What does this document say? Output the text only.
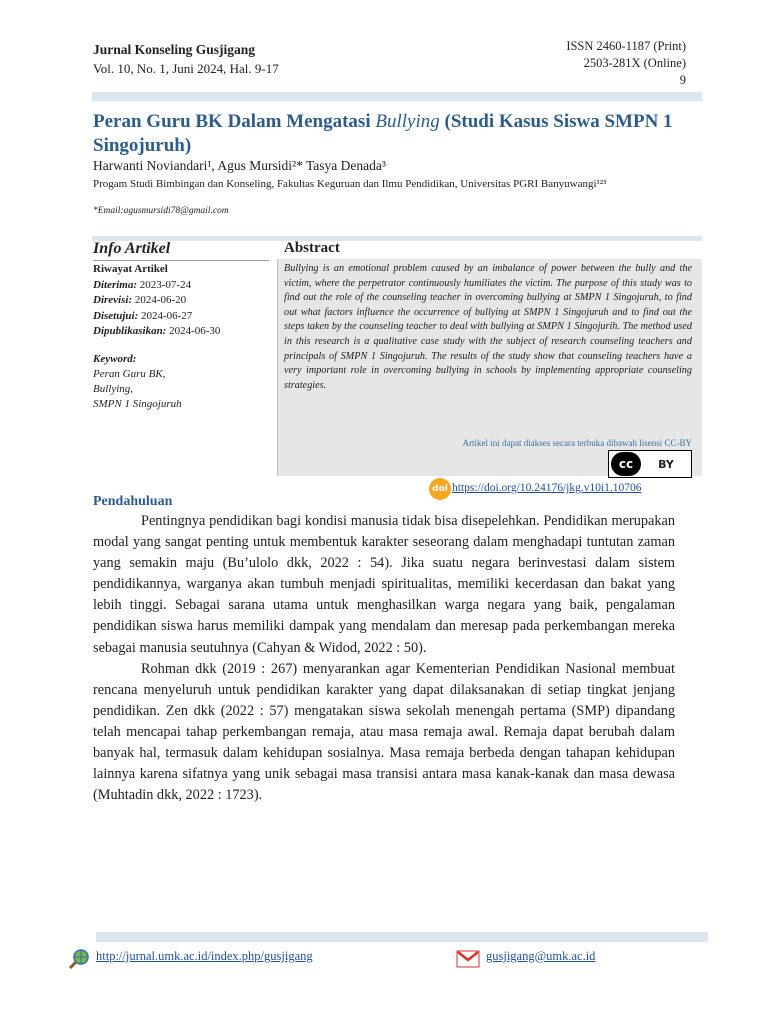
Jurnal Konseling Gusjigang
Vol. 10, No. 1, Juni 2024, Hal. 9-17
ISSN 2460-1187 (Print)
2503-281X (Online)
9
Peran Guru BK Dalam Mengatasi Bullying (Studi Kasus Siswa SMPN 1 Singojuruh)
Harwanti Noviandari¹, Agus Mursidi²* Tasya Denada³
Progam Studi Bimbingan dan Konseling, Fakultas Keguruan dan Ilmu Pendidikan, Universitas PGRI Banyuwangi¹²³
*Email:agusmursidi78@gmail.com
Info Artikel
Riwayat Artikel
Diterima: 2023-07-24
Direvisi: 2024-06-20
Disetujui: 2024-06-27
Dipublikasikan: 2024-06-30
Keyword:
Peran Guru BK,
Bullying,
SMPN 1 Singojuruh
Abstract
Bullying is an emotional problem caused by an imbalance of power between the bully and the victim, where the perpetrator continuously humiliates the victim. The purpose of this study was to find out the role of the counseling teacher in overcoming bullying at SMPN 1 Singojuruh, to find out what factors influence the occurrence of bullying at SMPN 1 Singojuruh and to find out the steps taken by the counseling teacher to deal with bullying at SMPN 1 Singojurih. The method used in this research is a qualitative case study with the subject of research counseling teachers and principals of SMPN 1 Singojuruh. The results of the study show that counseling teachers have a very important role in overcoming bullying in schools by implementing appropriate counseling strategies.
Artikel ini dapat diakses secara terbuka dibawah lisensi CC-BY
cc	BY
doi https://doi.org/10.24176/jkg.v10i1.10706
Pendahuluan

Pentingnya pendidikan bagi kondisi manusia tidak bisa disepelehkan. Pendidikan merupakan modal yang sangat penting untuk membentuk karakter seseorang dalam menghadapi tuntutan zaman yang semakin maju (Bu’ulolo dkk, 2022 : 54). Jika suatu negara berinvestasi dalam sistem pendidikannya, warganya akan tumbuh menjadi spiritualitas, memiliki kecerdasan dan bakat yang lebih tinggi. Sebagai sarana utama untuk menghasilkan warga negara yang baik, pengalaman pendidikan siswa harus memiliki dampak yang mendalam dan meresap pada perkembangan mereka sebagai manusia seutuhnya (Cahyan & Widod, 2022 : 50).

Rohman dkk (2019 : 267) menyarankan agar Kementerian Pendidikan Nasional membuat rencana menyeluruh untuk pendidikan karakter yang dapat dilaksanakan di setiap tingkat jenjang pendidikan. Zen dkk (2022 : 57) mengatakan siswa sekolah menengah pertama (SMP) dipandang telah mencapai tahap perkembangan remaja, atau masa remaja awal. Remaja dapat berubah dalam banyak hal, termasuk dalam kehidupan sosialnya. Masa remaja berbeda dengan tahapan kehidupan lainnya karena sifatnya yang unik sebagai masa transisi antara masa kanak-kanak dan masa dewasa (Muhtadin dkk, 2022 : 1723).

http://jurnal.umk.ac.id/index.php/gusjigang	gusjigang@umk.ac.id
